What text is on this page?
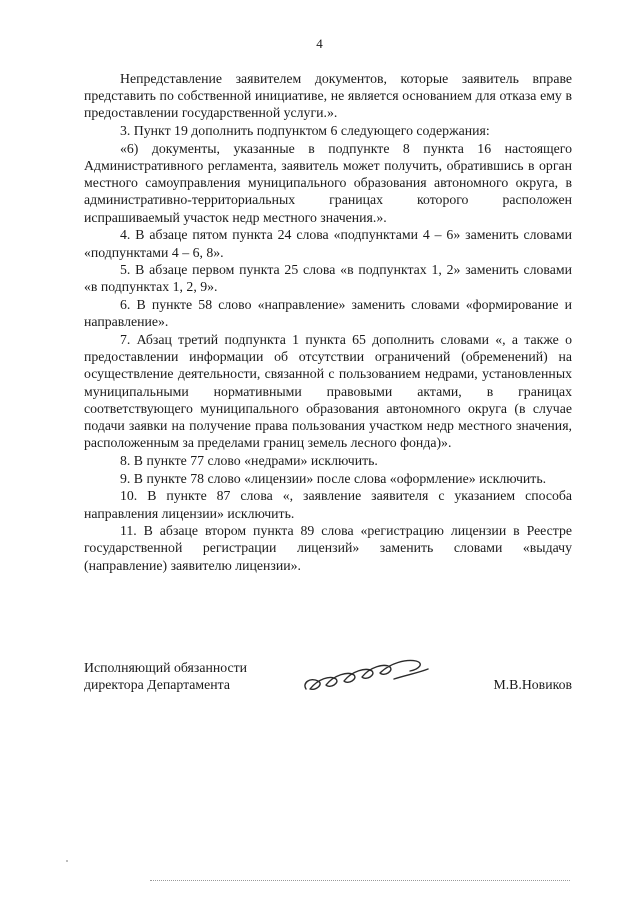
4

Непредставление заявителем документов, которые заявитель вправе представить по собственной инициативе, не является основанием для отказа ему в предоставлении государственной услуги.».

3. Пункт 19 дополнить подпунктом 6 следующего содержания:

«6) документы, указанные в подпункте 8 пункта 16 настоящего Административного регламента, заявитель может получить, обратившись в орган местного самоуправления муниципального образования автономного округа, в административно-территориальных границах которого расположен испрашиваемый участок недр местного значения.».

4. В абзаце пятом пункта 24 слова «подпунктами 4 – 6» заменить словами «подпунктами 4 – 6, 8».

5. В абзаце первом пункта 25 слова «в подпунктах 1, 2» заменить словами «в подпунктах 1, 2, 9».

6. В пункте 58 слово «направление» заменить словами «формирование и направление».

7. Абзац третий подпункта 1 пункта 65 дополнить словами «, а также о предоставлении информации об отсутствии ограничений (обременений) на осуществление деятельности, связанной с пользованием недрами, установленных муниципальными нормативными правовыми актами, в границах соответствующего муниципального образования автономного округа (в случае подачи заявки на получение права пользования участком недр местного значения, расположенным за пределами границ земель лесного фонда)».

8. В пункте 77 слово «недрами» исключить.

9. В пункте 78 слово «лицензии» после слова «оформление» исключить.

10. В пункте 87 слова «, заявление заявителя с указанием способа направления лицензии» исключить.

11. В абзаце втором пункта 89 слова «регистрацию лицензии в Реестре государственной регистрации лицензий» заменить словами «выдачу (направление) заявителю лицензии».

Исполняющий обязанности
директора Департамента	М.В.Новиков
